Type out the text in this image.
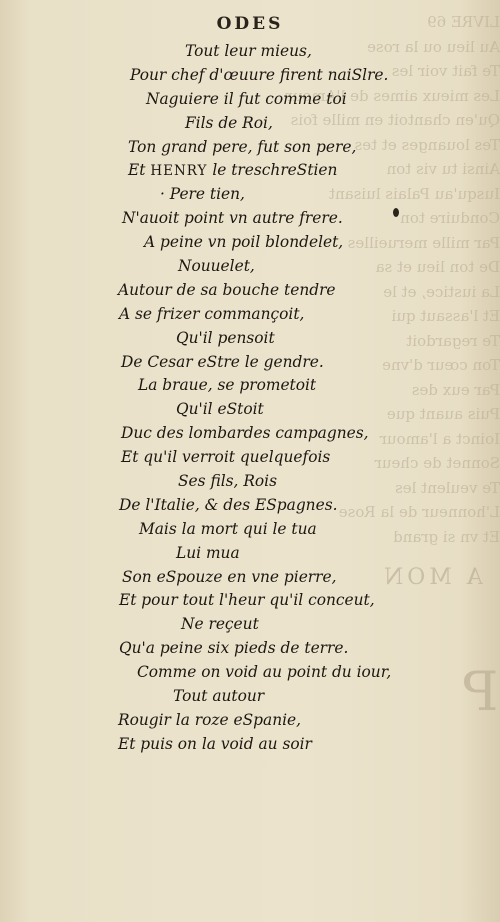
LIVRE 69
Au lieu ou la rose
Te fait voir les
Les mieux aimes de l'Amour
Qu'en chantoit en mille fois
Tes louanges et tes
Ainsi tu vis ton
Iusqu'au Palais luisant
Conduire ton
Par mille merueilles
De ton lieu et sa
La iustice, et le
Et l'assaut qui
Te regardoit
Ton cœur d'vne
Par eux des
Puis auant que
Ioinct a l'amour
Sonnet de cheur
Te veulent les
L'honneur de la Rose
Et vn si grand
A MON
P
ODES
Tout leur mieus,
Pour chef d'œuure firent naiSlre.
Naguiere il fut comme toi
Fils de Roi,
Ton grand pere, fut son pere,
Et HENRY le treschreStien
· Pere tien,
N'auoit point vn autre frere.
A peine vn poil blondelet,
Nouuelet,
Autour de sa bouche tendre
A se frizer commançoit,
Qu'il pensoit
De Cesar eStre le gendre.
La braue, se prometoit
Qu'il eStoit
Duc des lombardes campagnes,
Et qu'il verroit quelquefois
Ses fils, Rois
De l'Italie, & des ESpagnes.
Mais la mort qui le tua
Lui mua
Son eSpouze en vne pierre,
Et pour tout l'heur qu'il conceut,
Ne reçeut
Qu'a peine six pieds de terre.
Comme on void au point du iour,
Tout autour
Rougir la roze eSpanie,
Et puis on la void au soir
